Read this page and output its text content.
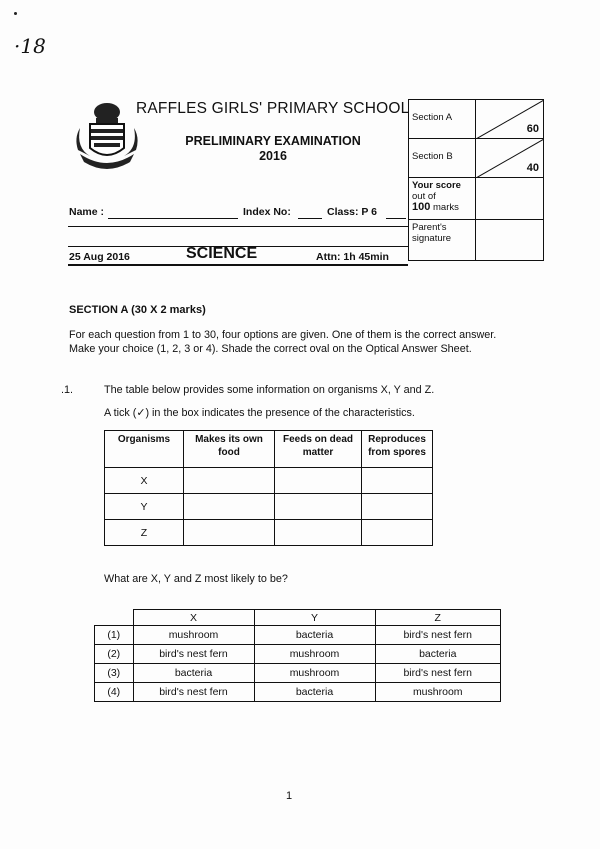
·18
RAFFLES GIRLS' PRIMARY SCHOOL
PRELIMINARY EXAMINATION
2016
Name :	Index No:	Class: P 6
25 Aug 2016	SCIENCE	Attn: 1h 45min
Section A	60

Section B	40

Your score
out of
100 marks	

Parent's
signature	

SECTION A (30 X 2 marks)
For each question from 1 to 30, four options are given. One of them is the correct answer.
Make your choice (1, 2, 3 or 4). Shade the correct oval on the Optical Answer Sheet.
.1.	The table below provides some information on organisms X, Y and Z.
A tick (✓) in the box indicates the presence of the characteristics.
Organisms	Makes its own food	Feeds on dead matter	Reproduces from spores
X			
Y			
Z			
What are X, Y and Z most likely to be?
	X	Y	Z
(1)	mushroom	bacteria	bird's nest fern
(2)	bird's nest fern	mushroom	bacteria
(3)	bacteria	mushroom	bird's nest fern
(4)	bird's nest fern	bacteria	mushroom
1
